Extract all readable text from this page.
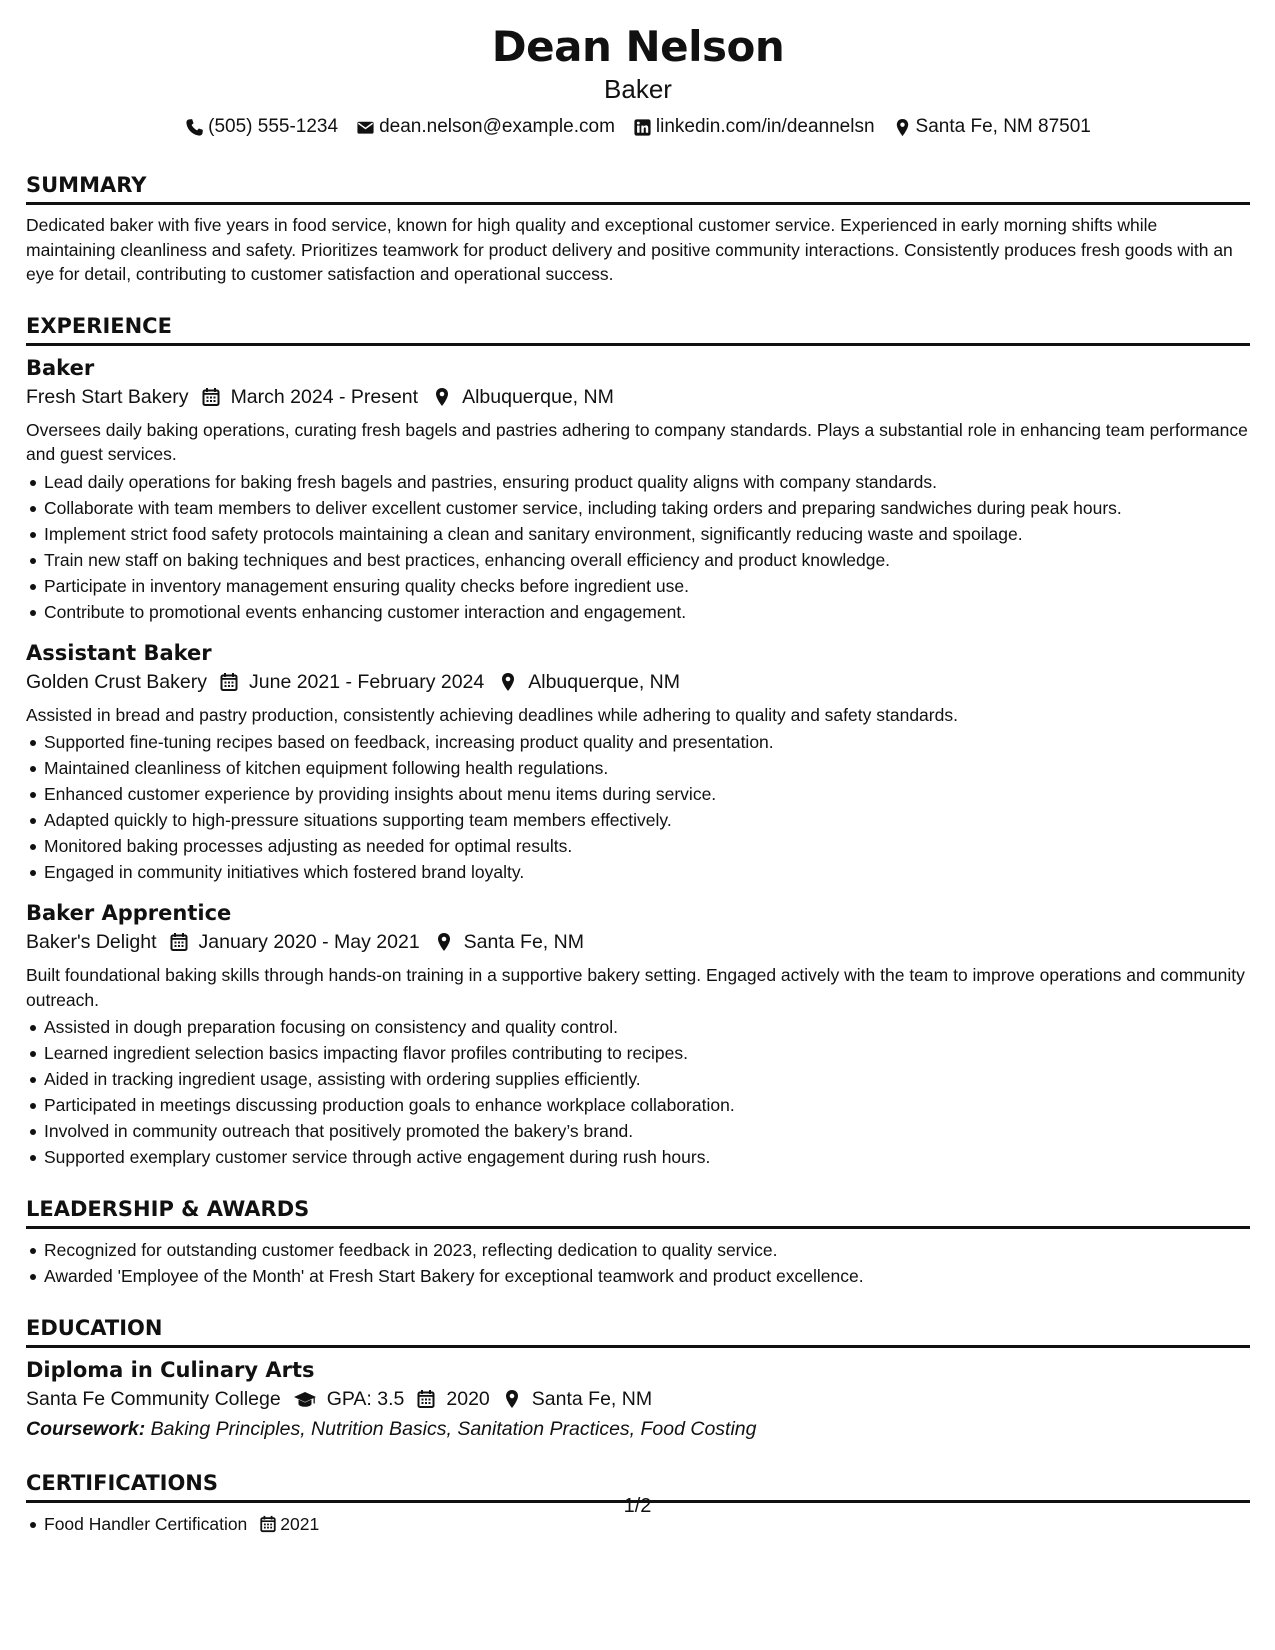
Dean Nelson
Baker
(505) 555-1234 dean.nelson@example.com linkedin.com/in/deannelsn Santa Fe, NM 87501
SUMMARY
Dedicated baker with five years in food service, known for high quality and exceptional customer service. Experienced in early morning shifts while maintaining cleanliness and safety. Prioritizes teamwork for product delivery and positive community interactions. Consistently produces fresh goods with an eye for detail, contributing to customer satisfaction and operational success.
EXPERIENCE
Baker
Fresh Start Bakery March 2024 - Present Albuquerque, NM
Oversees daily baking operations, curating fresh bagels and pastries adhering to company standards. Plays a substantial role in enhancing team performance and guest services.
Lead daily operations for baking fresh bagels and pastries, ensuring product quality aligns with company standards.
Collaborate with team members to deliver excellent customer service, including taking orders and preparing sandwiches during peak hours.
Implement strict food safety protocols maintaining a clean and sanitary environment, significantly reducing waste and spoilage.
Train new staff on baking techniques and best practices, enhancing overall efficiency and product knowledge.
Participate in inventory management ensuring quality checks before ingredient use.
Contribute to promotional events enhancing customer interaction and engagement.
Assistant Baker
Golden Crust Bakery June 2021 - February 2024 Albuquerque, NM
Assisted in bread and pastry production, consistently achieving deadlines while adhering to quality and safety standards.
Supported fine-tuning recipes based on feedback, increasing product quality and presentation.
Maintained cleanliness of kitchen equipment following health regulations.
Enhanced customer experience by providing insights about menu items during service.
Adapted quickly to high-pressure situations supporting team members effectively.
Monitored baking processes adjusting as needed for optimal results.
Engaged in community initiatives which fostered brand loyalty.
Baker Apprentice
Baker's Delight January 2020 - May 2021 Santa Fe, NM
Built foundational baking skills through hands-on training in a supportive bakery setting. Engaged actively with the team to improve operations and community outreach.
Assisted in dough preparation focusing on consistency and quality control.
Learned ingredient selection basics impacting flavor profiles contributing to recipes.
Aided in tracking ingredient usage, assisting with ordering supplies efficiently.
Participated in meetings discussing production goals to enhance workplace collaboration.
Involved in community outreach that positively promoted the bakery’s brand.
Supported exemplary customer service through active engagement during rush hours.
LEADERSHIP & AWARDS
Recognized for outstanding customer feedback in 2023, reflecting dedication to quality service.
Awarded 'Employee of the Month' at Fresh Start Bakery for exceptional teamwork and product excellence.
EDUCATION
Diploma in Culinary Arts
Santa Fe Community College GPA: 3.5 2020 Santa Fe, NM
Coursework: Baking Principles, Nutrition Basics, Sanitation Practices, Food Costing
CERTIFICATIONS
Food Handler Certification 2021
1/2
